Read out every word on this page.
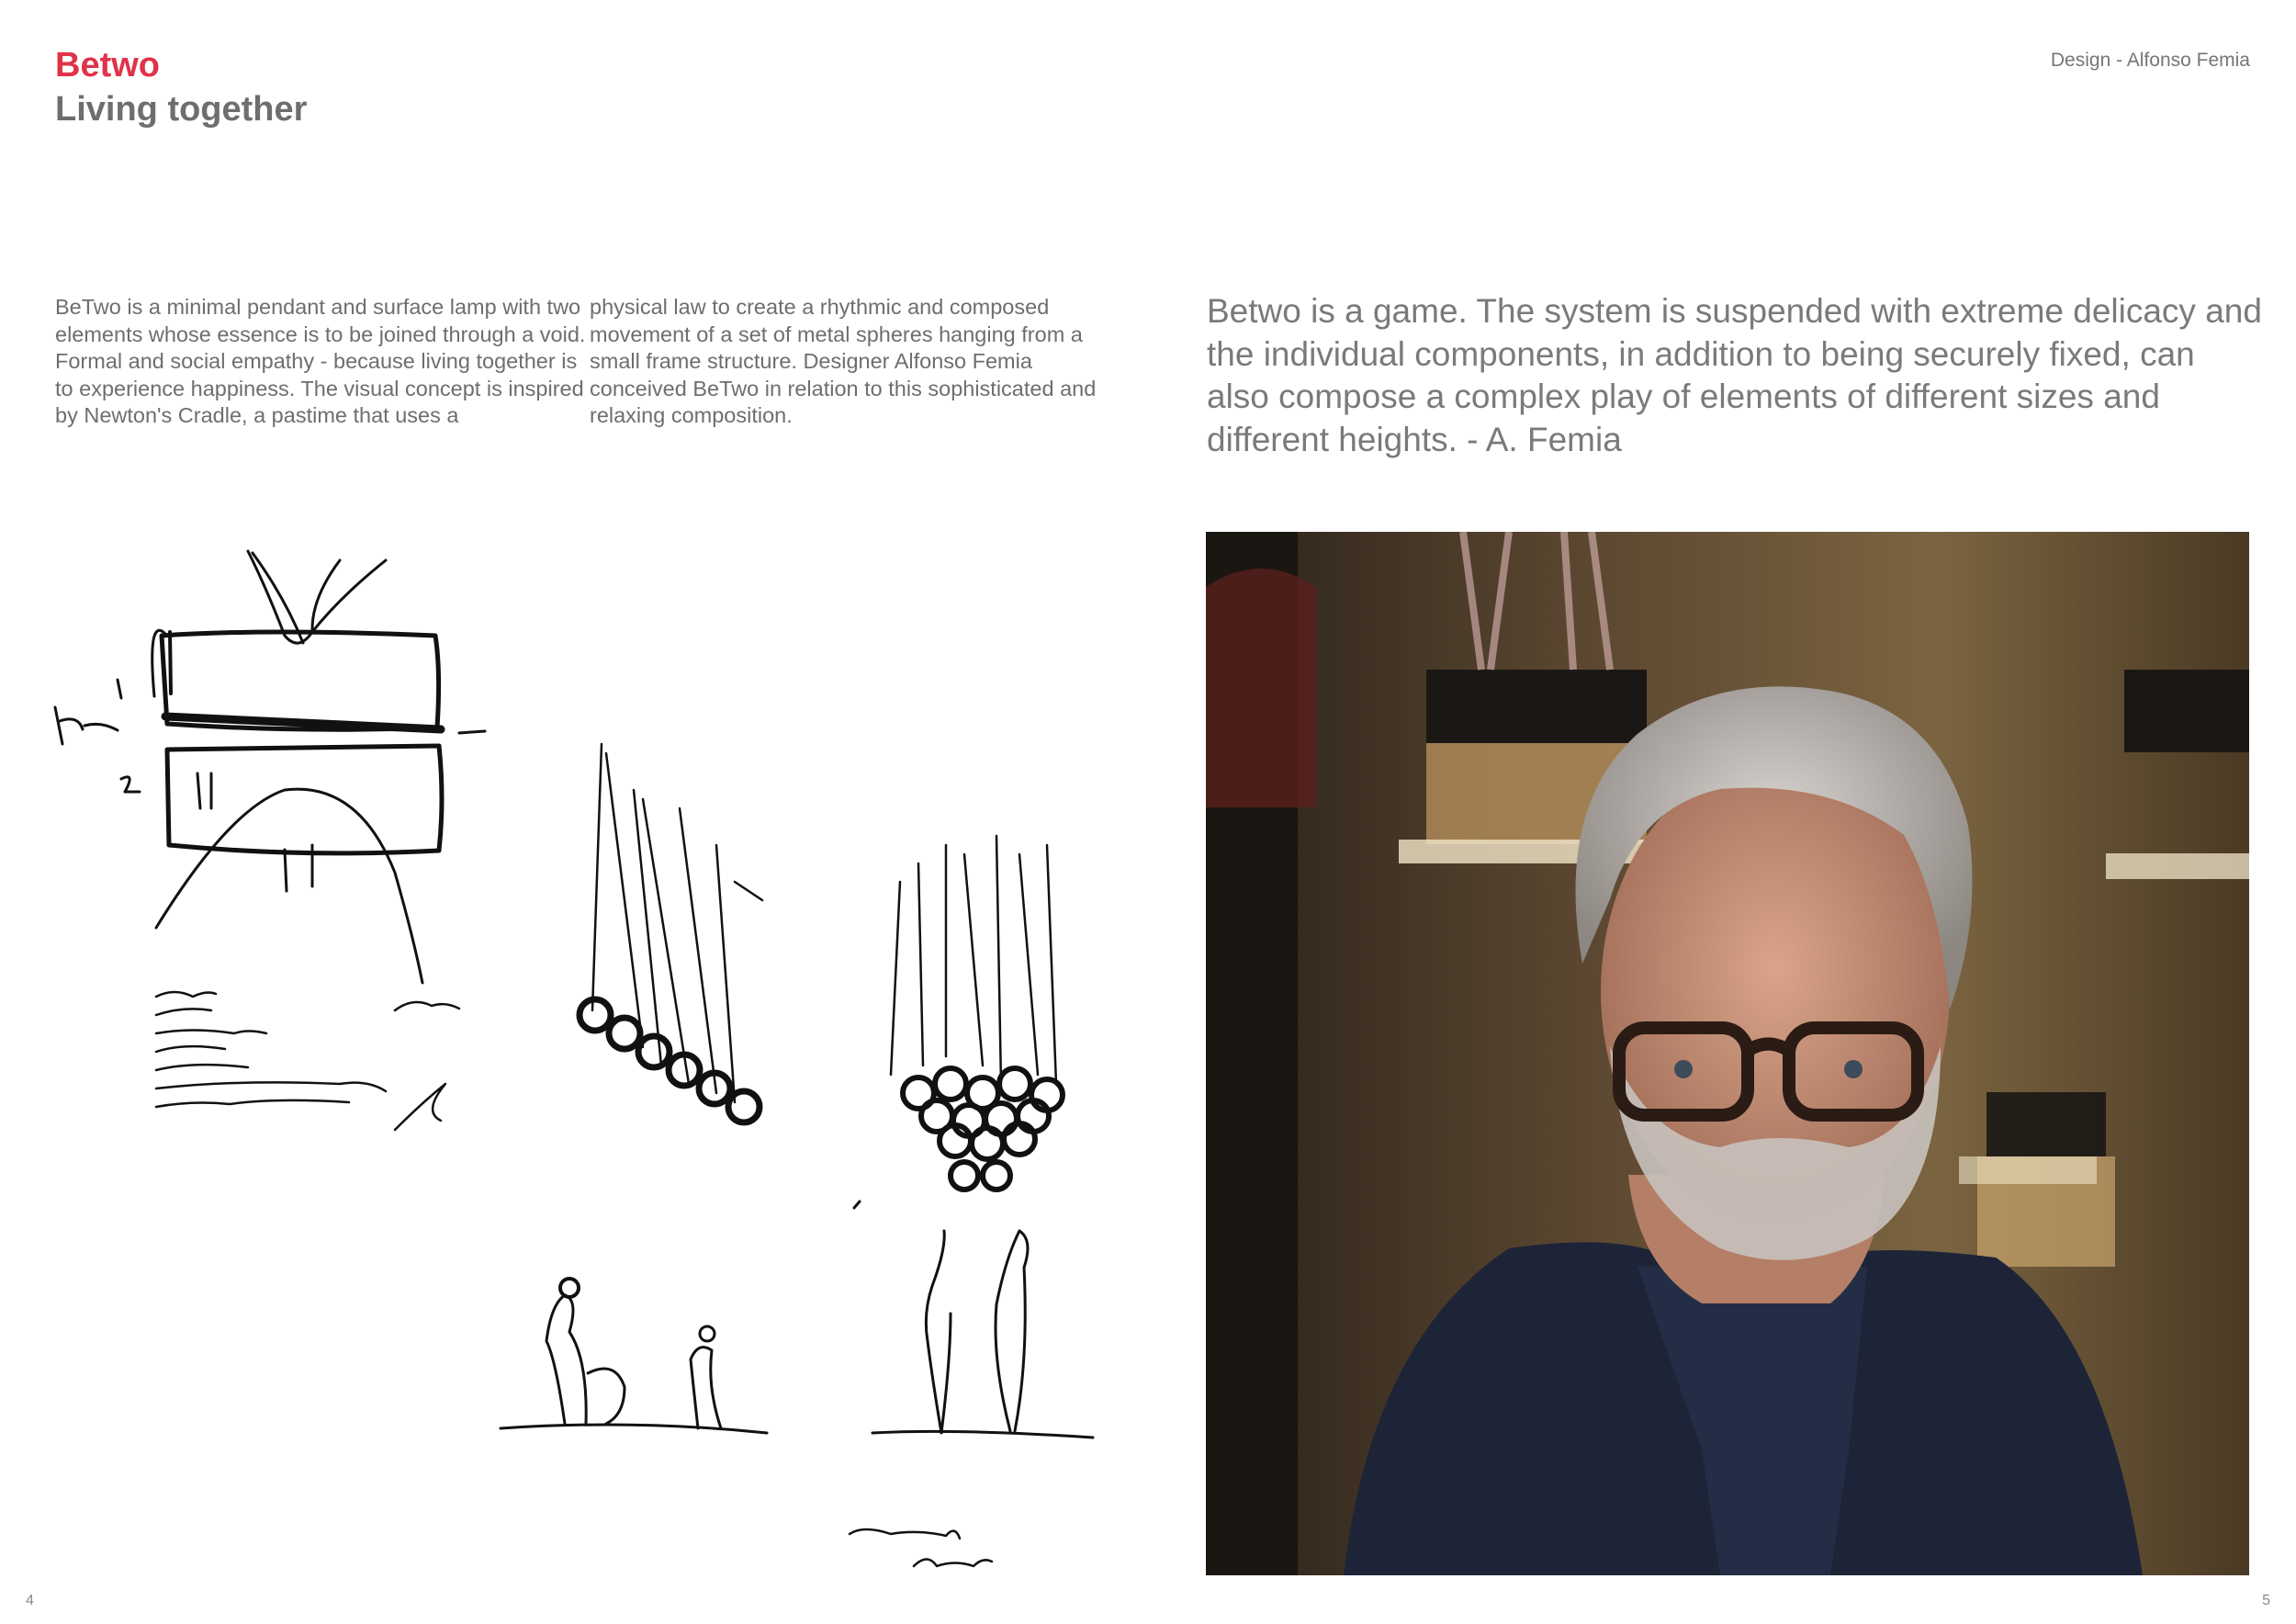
Betwo
Living together
Design - Alfonso Femia
BeTwo is a minimal pendant and surface lamp with two elements whose essence is to be joined through a void. Formal and social empathy - because living together is to experience happiness. The visual concept is inspired by Newton's Cradle, a pastime that uses a
physical law to create a rhythmic and composed movement of a set of metal spheres hanging from a small frame structure. Designer Alfonso Femia conceived BeTwo in relation to this sophisticated and relaxing composition.
Betwo is a game. The system is suspended with extreme delicacy and the individual components, in addition to being securely fixed, can also compose a complex play of elements of different sizes and different heights. - A. Femia
4	5
